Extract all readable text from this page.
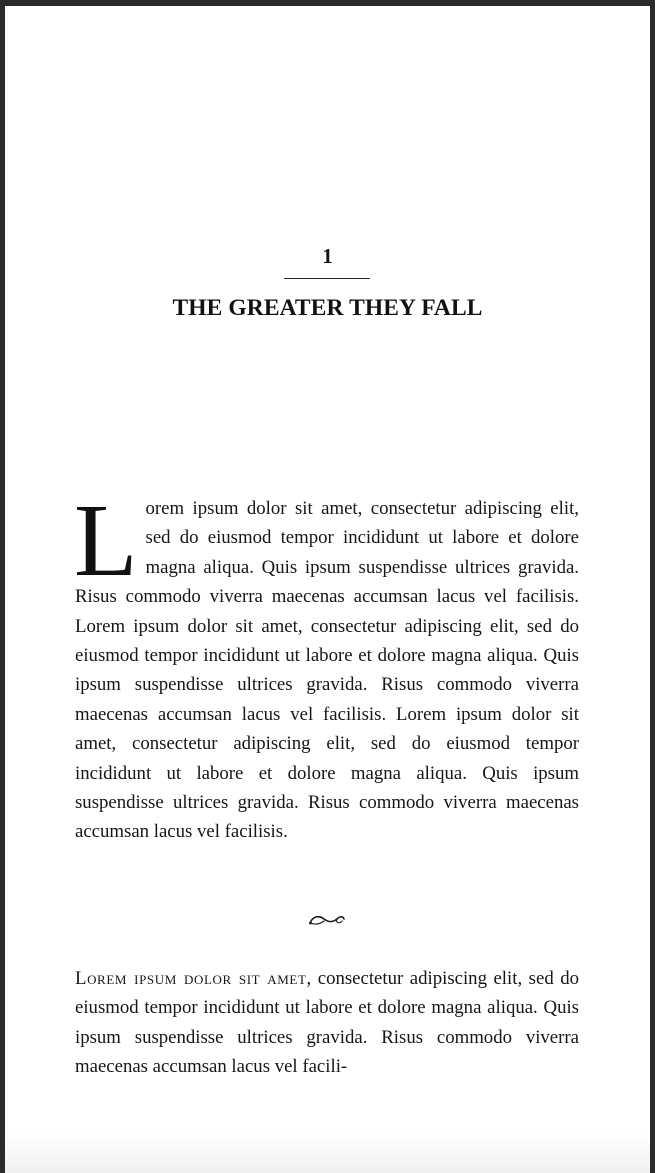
1
THE GREATER THEY FALL

Lorem ipsum dolor sit amet, consectetur adipiscing elit, sed do eiusmod tempor incididunt ut labore et dolore magna aliqua. Quis ipsum suspendisse ultrices gravida. Risus commodo viverra maecenas accumsan lacus vel facilisis. Lorem ipsum dolor sit amet, consectetur adipiscing elit, sed do eiusmod tempor incididunt ut labore et dolore magna aliqua. Quis ipsum suspendisse ultrices gravida. Risus commodo viverra maecenas accumsan lacus vel facilisis. Lorem ipsum dolor sit amet, consectetur adipiscing elit, sed do eiusmod tempor incididunt ut labore et dolore magna aliqua. Quis ipsum suspendisse ultrices gravida. Risus commodo viverra maecenas accumsan lacus vel facilisis.

Lorem ipsum dolor sit amet, consectetur adipiscing elit, sed do eiusmod tempor incididunt ut labore et dolore magna aliqua. Quis ipsum suspendisse ultrices gravida. Risus commodo viverra maecenas accumsan lacus vel facili-
